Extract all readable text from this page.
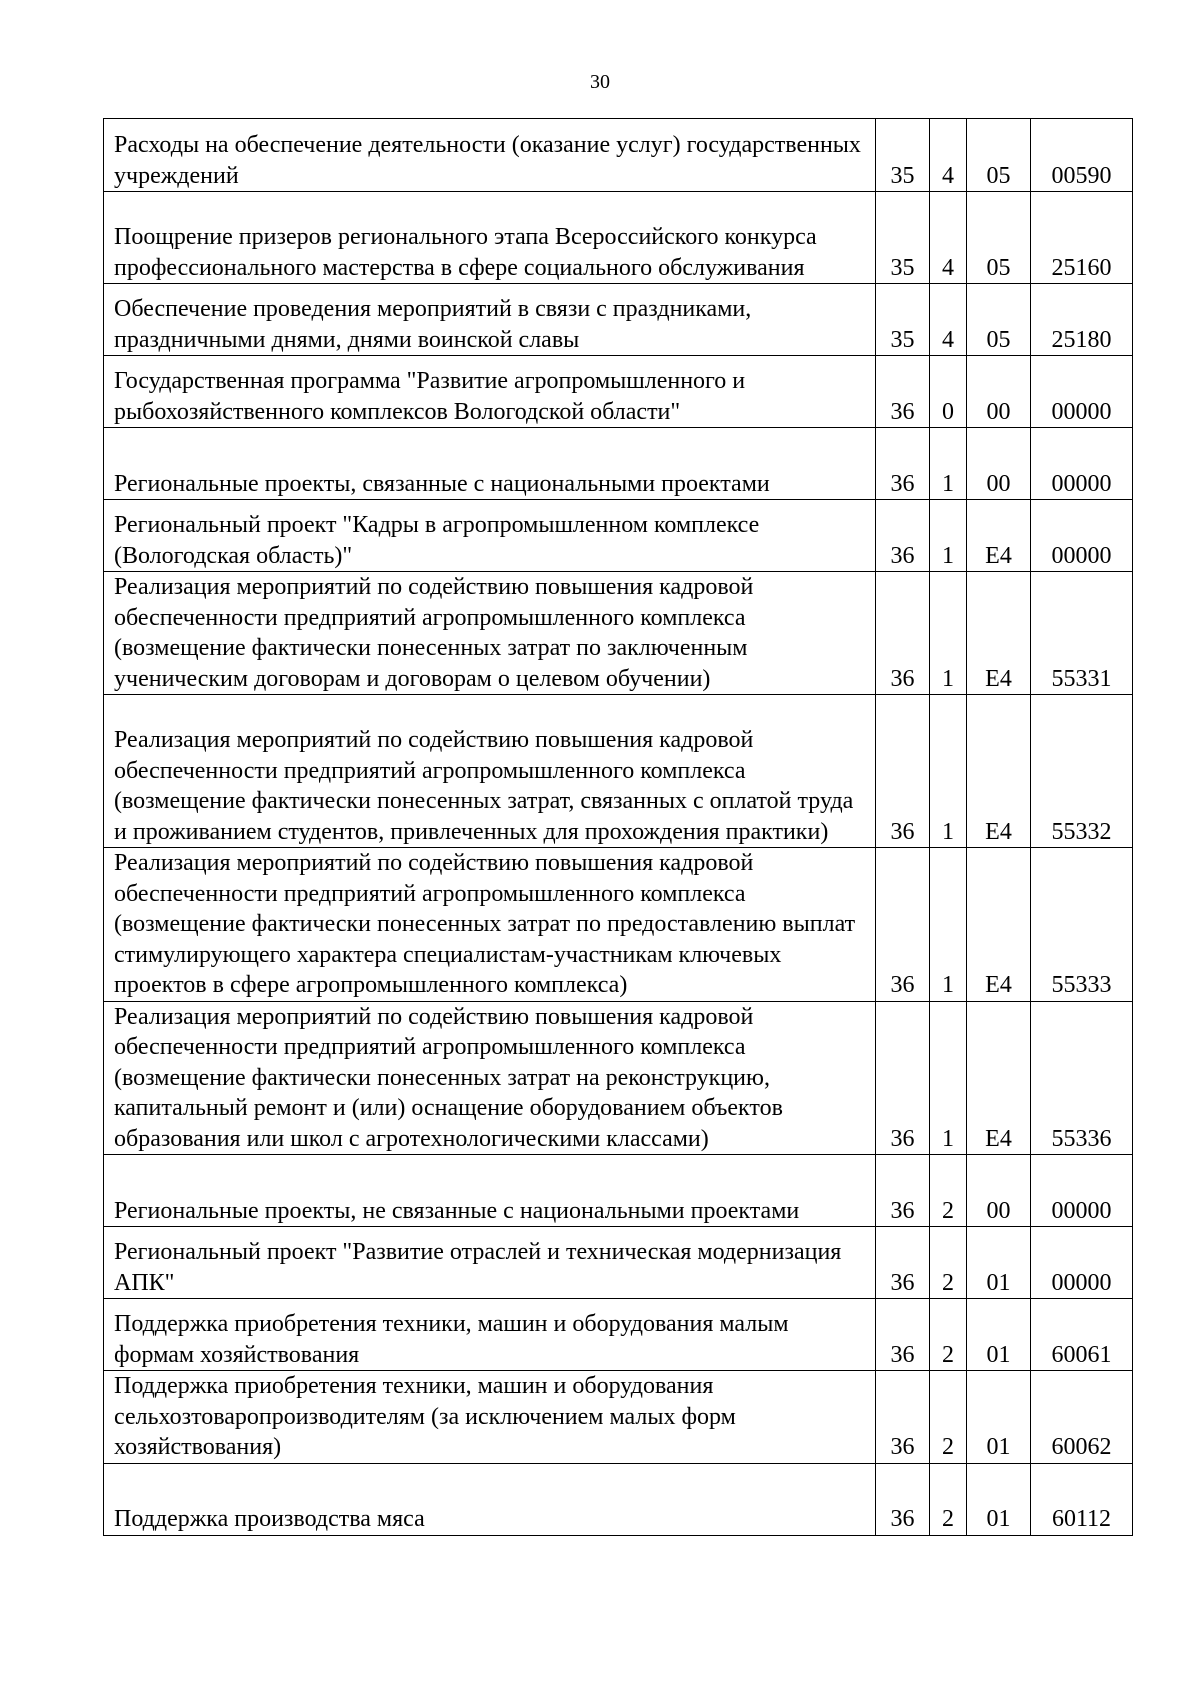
30
Расходы на обеспечение деятельности (оказание услуг) государственных учреждений	35	4	05	00590
Поощрение призеров регионального этапа Всероссийского конкурса профессионального мастерства в сфере социального обслуживания	35	4	05	25160
Обеспечение проведения мероприятий в связи с праздниками, праздничными днями, днями воинской славы	35	4	05	25180
Государственная программа "Развитие агропромышленного и рыбохозяйственного комплексов Вологодской области"	36	0	00	00000
Региональные проекты, связанные с национальными проектами	36	1	00	00000
Региональный проект "Кадры в агропромышленном комплексе (Вологодская область)"	36	1	E4	00000
Реализация мероприятий по содействию повышения кадровой обеспеченности предприятий агропромышленного комплекса (возмещение фактически понесенных затрат по заключенным ученическим договорам и договорам о целевом обучении)	36	1	E4	55331
Реализация мероприятий по содействию повышения кадровой обеспеченности предприятий агропромышленного комплекса (возмещение фактически понесенных затрат, связанных с оплатой труда и проживанием студентов, привлеченных для прохождения практики)	36	1	E4	55332
Реализация мероприятий по содействию повышения кадровой обеспеченности предприятий агропромышленного комплекса (возмещение фактически понесенных затрат по предоставлению выплат стимулирующего характера специалистам-участникам ключевых проектов в сфере агропромышленного комплекса)	36	1	E4	55333
Реализация мероприятий по содействию повышения кадровой обеспеченности предприятий агропромышленного комплекса (возмещение фактически понесенных затрат на реконструкцию, капитальный ремонт и (или) оснащение оборудованием объектов образования или школ с агротехнологическими классами)	36	1	E4	55336
Региональные проекты, не связанные с национальными проектами	36	2	00	00000
Региональный проект "Развитие отраслей и техническая модернизация АПК"	36	2	01	00000
Поддержка приобретения техники, машин и оборудования малым формам хозяйствования	36	2	01	60061
Поддержка приобретения техники, машин и оборудования сельхозтоваропроизводителям (за исключением малых форм хозяйствования)	36	2	01	60062
Поддержка производства мяса	36	2	01	60112
